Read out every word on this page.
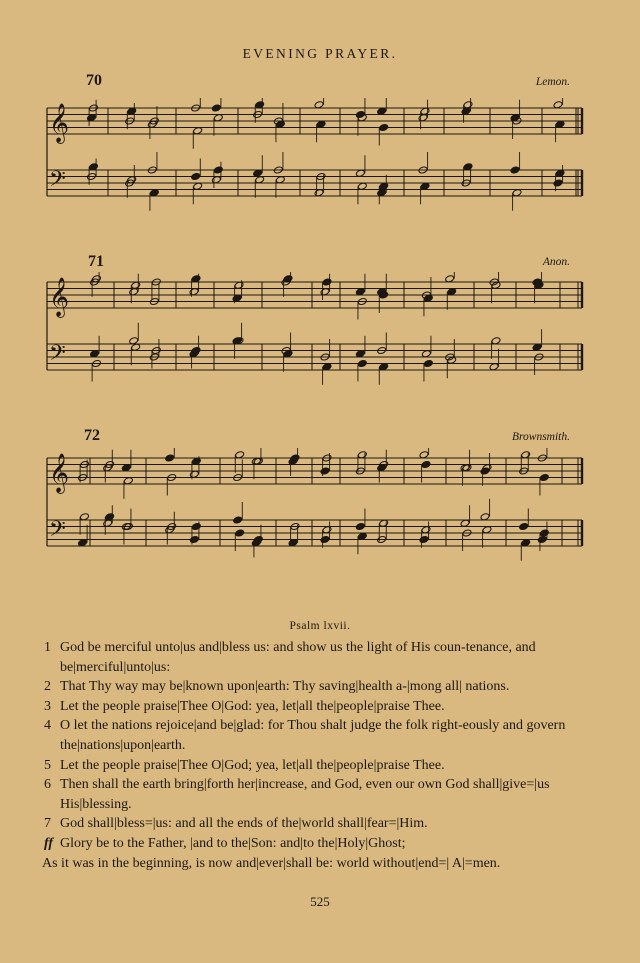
EVENING PRAYER.
70	Lemon.
𝄞
𝄢
71	Anon.
𝄞
𝄢
72	Brownsmith.
𝄞
𝄢
Psalm lxvii.
1 God be merciful unto|us and|bless us: and show us the light of His coun-tenance, and be|merciful|unto|us:
2 That Thy way may be|known upon|earth: Thy saving|health a-|mong all| nations.
3 Let the people praise|Thee O|God: yea, let|all the|people|praise Thee.
4 O let the nations rejoice|and be|glad: for Thou shalt judge the folk right-eously and govern the|nations|upon|earth.
5 Let the people praise|Thee O|God; yea, let|all the|people|praise Thee.
6 Then shall the earth bring|forth her|increase, and God, even our own God shall|give=|us His|blessing.
7 God shall|bless=|us: and all the ends of the|world shall|fear=|Him.
ff Glory be to the Father, |and to the|Son: and|to the|Holy|Ghost;
As it was in the beginning, is now and|ever|shall be: world without|end=| A|=men.
525
